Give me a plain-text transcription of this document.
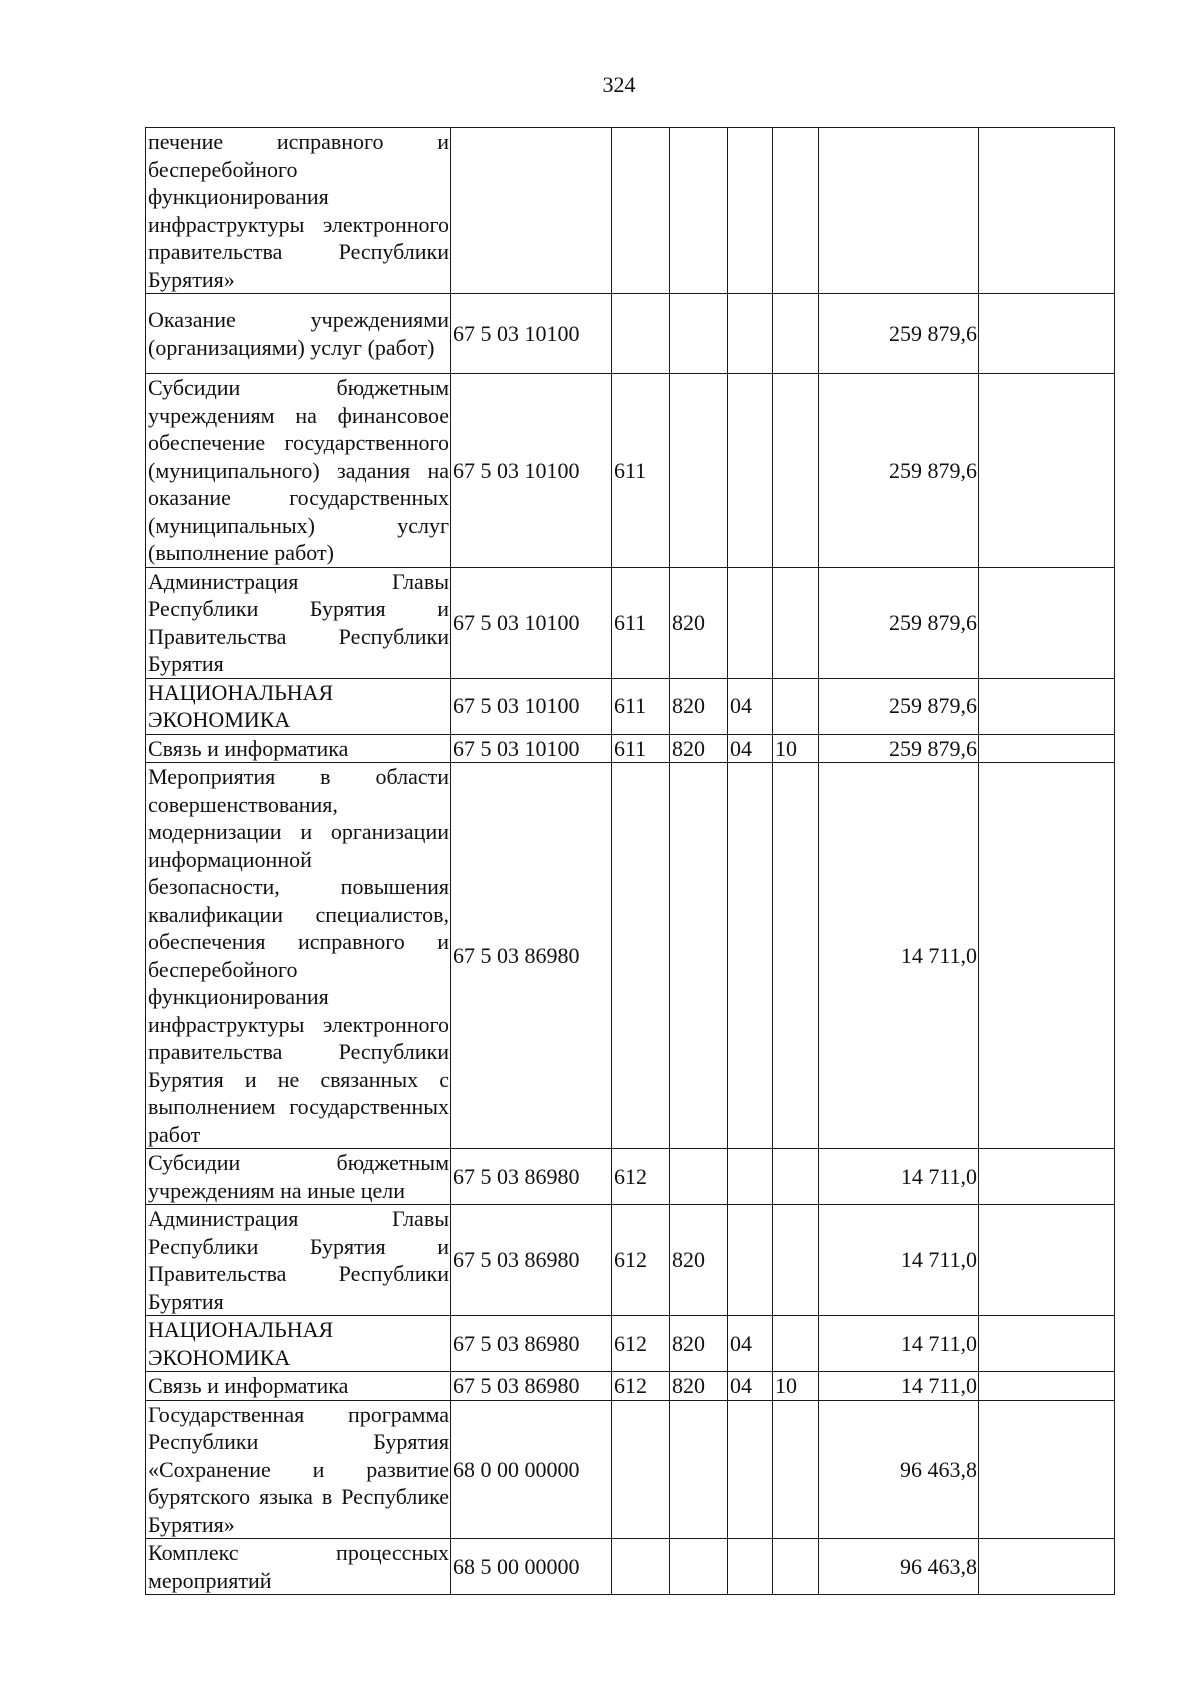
324
печение исправного и бесперебойного функционирования инфраструктуры электронного правительства Республики Бурятия»							
Оказание учреждениями (организациями) услуг (работ)	67 5 03 10100					259 879,6	
Субсидии бюджетным учреждениям на финансовое обеспечение государственного (муниципального) задания на оказание государственных (муниципальных) услуг (выполнение работ)	67 5 03 10100	611				259 879,6	
Администрация Главы Республики Бурятия и Правительства Республики Бурятия	67 5 03 10100	611	820			259 879,6	
НАЦИОНАЛЬНАЯ ЭКОНОМИКА	67 5 03 10100	611	820	04		259 879,6	
Связь и информатика	67 5 03 10100	611	820	04	10	259 879,6	
Мероприятия в области совершенствования, модернизации и организации информационной безопасности, повышения квалификации специалистов, обеспечения исправного и бесперебойного функционирования инфраструктуры электронного правительства Республики Бурятия и не связанных с выполнением государственных работ	67 5 03 86980					14 711,0	
Субсидии бюджетным учреждениям на иные цели	67 5 03 86980	612				14 711,0	
Администрация Главы Республики Бурятия и Правительства Республики Бурятия	67 5 03 86980	612	820			14 711,0	
НАЦИОНАЛЬНАЯ ЭКОНОМИКА	67 5 03 86980	612	820	04		14 711,0	
Связь и информатика	67 5 03 86980	612	820	04	10	14 711,0	
Государственная программа Республики Бурятия «Сохранение и развитие бурятского языка в Республике Бурятия»	68 0 00 00000					96 463,8	
Комплекс процессных мероприятий	68 5 00 00000					96 463,8	
